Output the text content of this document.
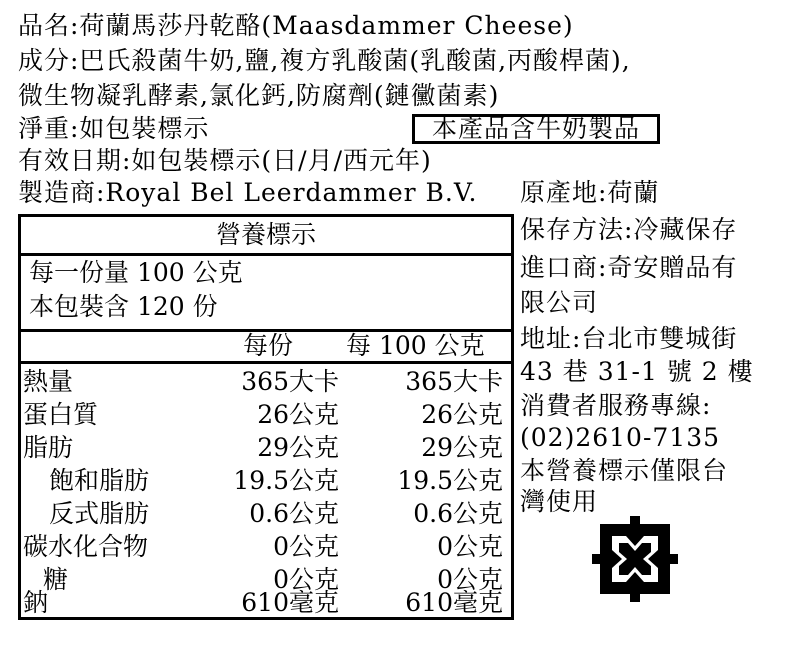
品名:荷蘭馬莎丹乾酪(Maasdammer Cheese)
成分:巴氏殺菌牛奶,鹽,複方乳酸菌(乳酸菌,丙酸桿菌),
微生物凝乳酵素,氯化鈣,防腐劑(鏈黴菌素)
淨重:如包裝標示	本產品含牛奶製品
有效日期:如包裝標示(日/月/西元年)
製造商:Royal Bel Leerdammer B.V. 原產地:荷蘭
保存方法:冷藏保存
進口商:奇安贈品有
限公司
地址:台北市雙城街
43 巷 31-1 號 2 樓
消費者服務專線:
(02)2610-7135
本營養標示僅限台
灣使用
營養標示
每一份量 100 公克
本包裝含 120 份
每份 每 100 公克
熱量	365大卡	365大卡
蛋白質	26公克	26公克
脂肪	29公克	29公克
飽和脂肪	19.5公克 19.5公克
反式脂肪	0.6公克	0.6公克
碳水化合物	0公克	0公克
糖	0公克	0公克
鈉	610毫克	610毫克
